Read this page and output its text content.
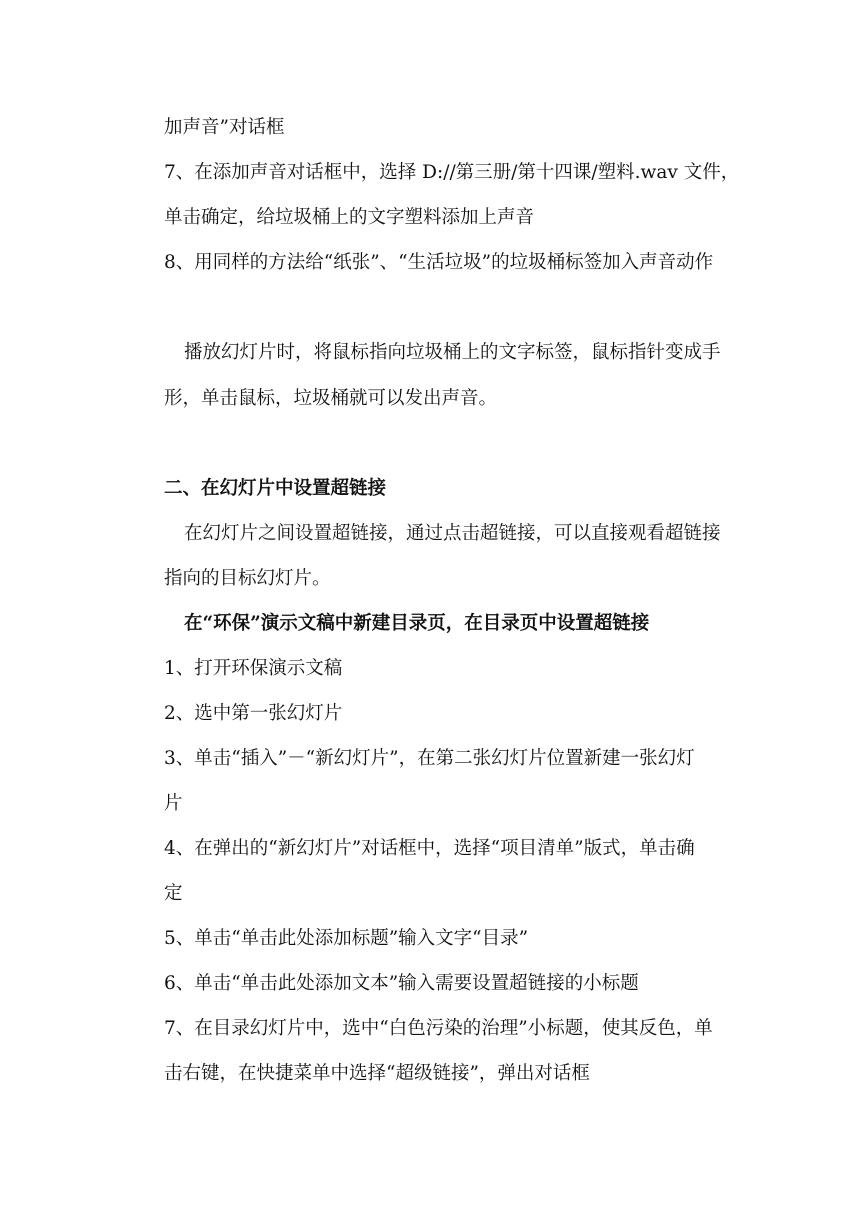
加声音”对话框
7、在添加声音对话框中，选择 D://第三册/第十四课/塑料.wav 文件，
单击确定，给垃圾桶上的文字塑料添加上声音
8、用同样的方法给“纸张”、“生活垃圾”的垃圾桶标签加入声音动作
播放幻灯片时，将鼠标指向垃圾桶上的文字标签，鼠标指针变成手
形，单击鼠标，垃圾桶就可以发出声音。
二、在幻灯片中设置超链接
在幻灯片之间设置超链接，通过点击超链接，可以直接观看超链接
指向的目标幻灯片。
在“环保”演示文稿中新建目录页，在目录页中设置超链接
1、打开环保演示文稿
2、选中第一张幻灯片
3、单击“插入”－“新幻灯片”，在第二张幻灯片位置新建一张幻灯
片
4、在弹出的“新幻灯片”对话框中，选择“项目清单”版式，单击确
定
5、单击“单击此处添加标题”输入文字“目录”
6、单击“单击此处添加文本”输入需要设置超链接的小标题
7、在目录幻灯片中，选中“白色污染的治理”小标题，使其反色，单
击右键，在快捷菜单中选择“超级链接”，弹出对话框
